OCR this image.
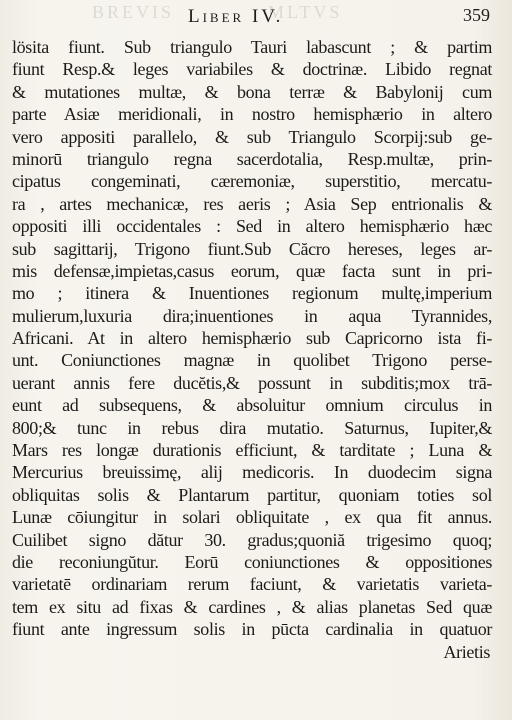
BREVIS	MLTVS
Liber IV.	359
lösita fiunt. Sub triangulo Tauri labascunt ; & partim
fiunt Resp.& leges variabiles & doctrinæ. Libido regnat
& mutationes multæ, & bona terræ & Babylonij cum
parte Asiæ meridionali, in nostro hemisphærio in altero
vero appositi parallelo, & sub Triangulo Scorpij:sub ge-
minorū triangulo regna sacerdotalia, Resp.multæ, prin-
cipatus congeminati, cæremoniæ, superstitio, mercatu-
ra , artes mechanicæ, res aeris ; Asia Sep entrionalis &
oppositi illi occidentales : Sed in altero hemisphærio hæc
sub sagittarij, Trigono fiunt.Sub Căcro hereses, leges ar-
mis defensæ,impietas,casus eorum, quæ facta sunt in pri-
mo ; itinera & Inuentiones regionum multę,imperium
mulierum,luxuria dira;inuentiones in aqua Tyrannides,
Africani. At in altero hemisphærio sub Capricorno ista fi-
unt. Coniunctiones magnæ in quolibet Trigono perse-
uerant annis fere ducĕtis,& possunt in subditis;mox trā-
eunt ad subsequens, & absoluitur omnium circulus in
800;& tunc in rebus dira mutatio. Saturnus, Iupiter,&
Mars res longæ durationis efficiunt, & tarditate ; Luna &
Mercurius breuissimę, alij medicoris. In duodecim signa
obliquitas solis & Plantarum partitur, quoniam toties sol
Lunæ cōiungitur in solari obliquitate , ex qua fit annus.
Cuilibet signo dătur 30. gradus;quoniă trigesimo quoq;
die reconiungŭtur. Eorū coniunctiones & oppositiones
varietatē ordinariam rerum faciunt, & varietatis varieta-
tem ex situ ad fixas & cardines , & alias planetas Sed quæ
fiunt ante ingressum solis in pūcta cardinalia in quatuor
Arietis
